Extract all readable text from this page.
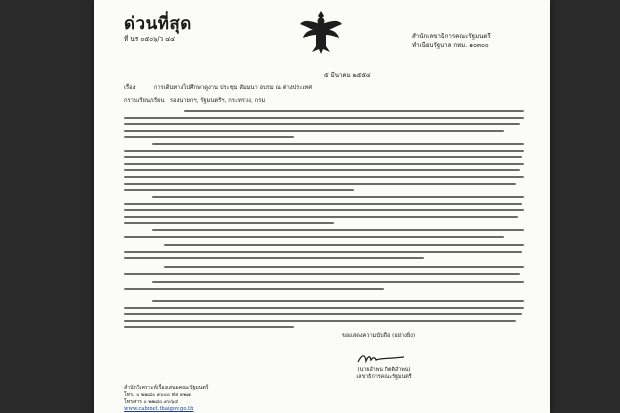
ด่วนที่สุด
ที่ นร ๐๕๐๖/ว ๔๔	สำนักเลขาธิการคณะรัฐมนตรี
ทำเนียบรัฐบาล กทม. ๑๐๓๐๐
๕ มีนาคม ๒๕๕๔
เรื่อง	การเดินทางไปศึกษาดูงาน ประชุม สัมมนา อบรม ณ ต่างประเทศ
กราบเรียน/เรียน รองนายกฯ, รัฐมนตรีฯ, กระทรวง, กรม
ขอแสดงความนับถือ (อย่างยิ่ง)
(นายอำพน กิตติอำพน)
เลขาธิการคณะรัฐมนตรี
สำนักวิเคราะห์เรื่องเสนอคณะรัฐมนตรี
โทร. ๐ ๒๒๘๐ ๙๐๐๐ ต่อ ๓๒๗
โทรสาร ๐ ๒๒๘๐ ๙๐๖๔
www.cabinet.thaigov.go.th
